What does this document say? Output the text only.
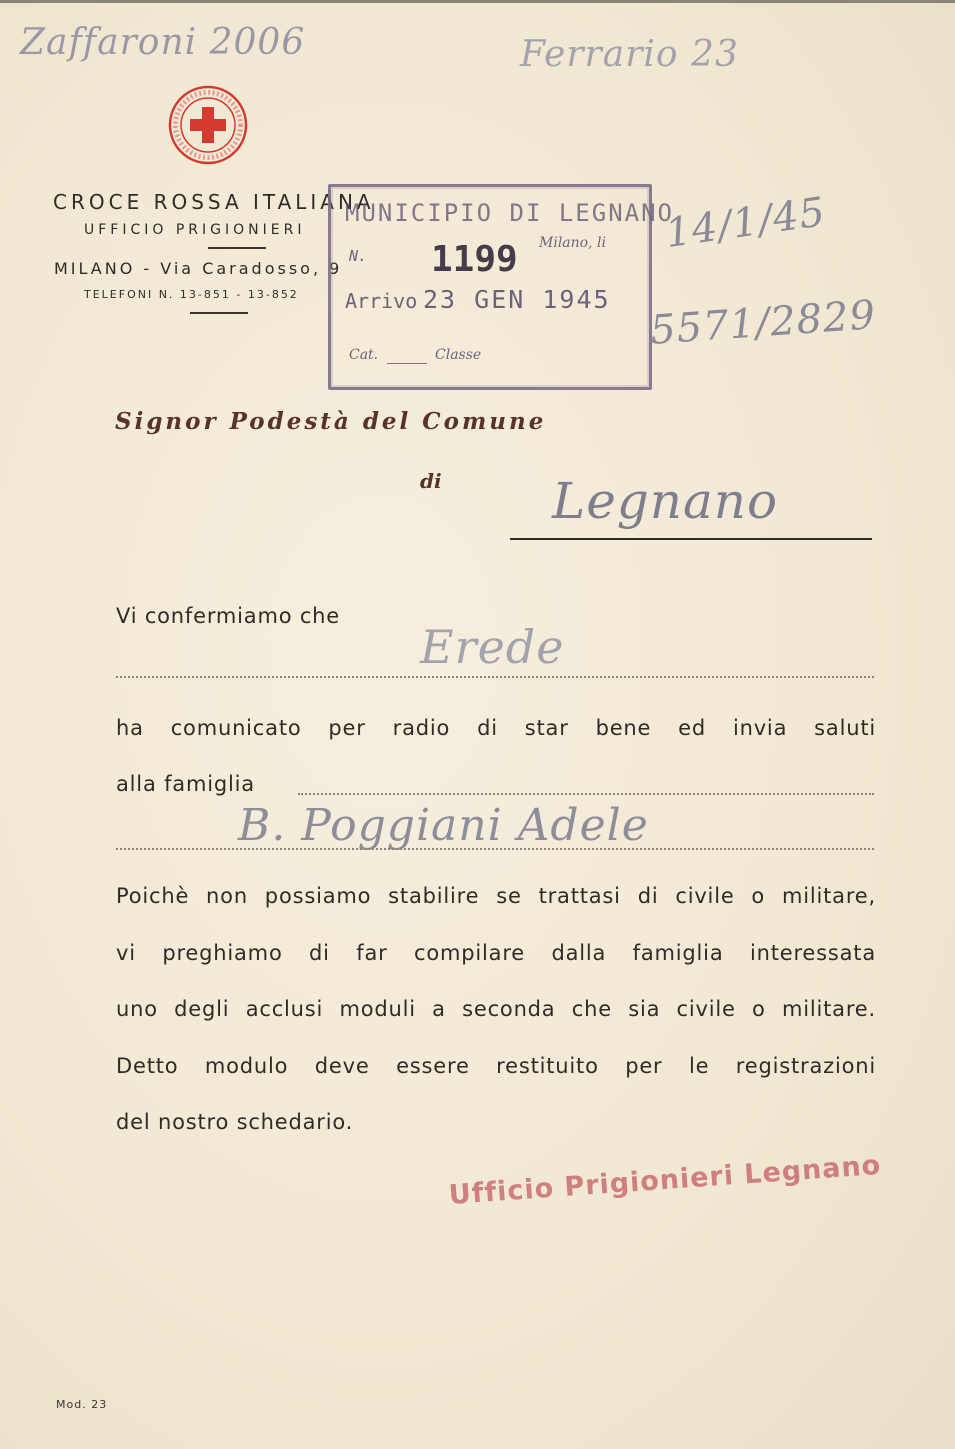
Zaffaroni 2006	Ferrario 23
14/1/45
5571/2829
CROCE ROSSA ITALIANA
UFFICIO PRIGIONIERI
MILANO - Via Caradosso, 9
TELEFONI N. 13-851 - 13-852
MUNICIPIO DI LEGNANO
N. 1199 Milano, li
Arrivo 23 GEN 1945
Cat.	Classe
Signor Podestà del Comune
di Legnano
Vi confermiamo che
Erede
ha comunicato per radio di star bene ed invia saluti
alla famiglia
B. Poggiani Adele
Poichè non possiamo stabilire se trattasi di civile o militare,
vi preghiamo di far compilare dalla famiglia interessata
uno degli acclusi moduli a seconda che sia civile o militare.
Detto modulo deve essere restituito per le registrazioni
del nostro schedario.
Ufficio Prigionieri Legnano
Mod. 23
